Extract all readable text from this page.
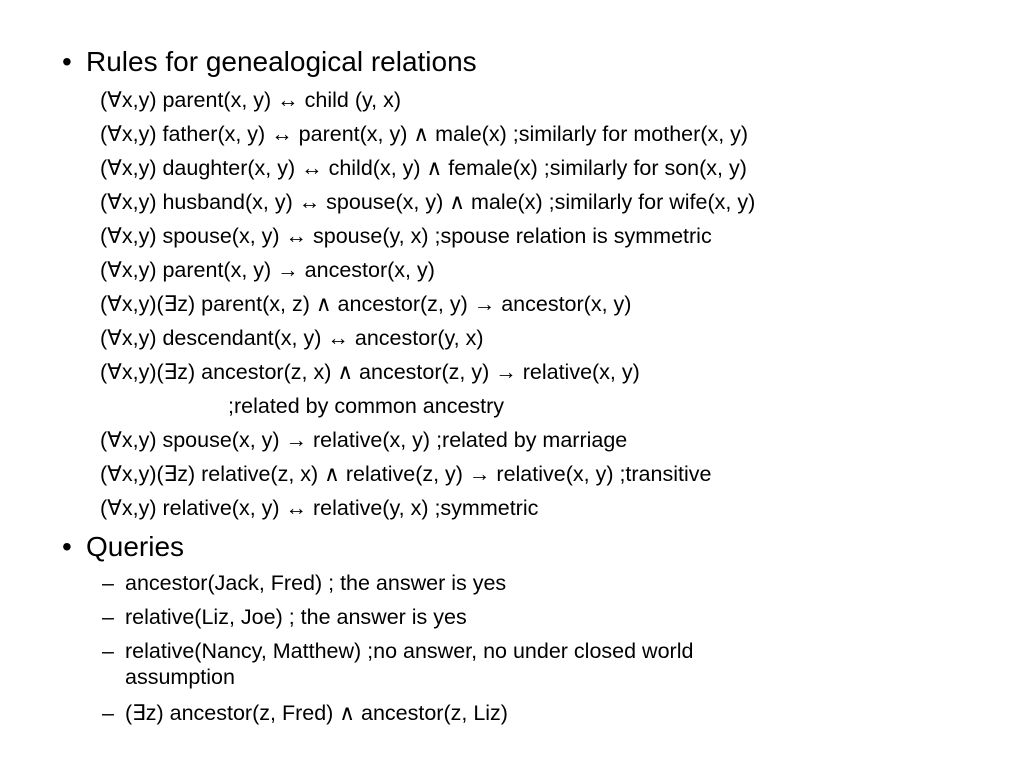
• Rules for genealogical relations
(∀x,y) parent(x, y) ↔ child (y, x)
(∀x,y) father(x, y) ↔ parent(x, y) ∧ male(x) ;similarly for mother(x, y)
(∀x,y) daughter(x, y) ↔ child(x, y) ∧ female(x) ;similarly for son(x, y)
(∀x,y) husband(x, y) ↔ spouse(x, y) ∧ male(x) ;similarly for wife(x, y)
(∀x,y) spouse(x, y) ↔ spouse(y, x) ;spouse relation is symmetric
(∀x,y) parent(x, y) → ancestor(x, y)
(∀x,y)(∃z) parent(x, z) ∧ ancestor(z, y) → ancestor(x, y)
(∀x,y) descendant(x, y) ↔ ancestor(y, x)
(∀x,y)(∃z) ancestor(z, x) ∧ ancestor(z, y) → relative(x, y)
;related by common ancestry
(∀x,y) spouse(x, y) → relative(x, y) ;related by marriage
(∀x,y)(∃z) relative(z, x) ∧ relative(z, y) → relative(x, y) ;transitive
(∀x,y) relative(x, y) ↔ relative(y, x) ;symmetric
• Queries
– ancestor(Jack, Fred) ; the answer is yes
– relative(Liz, Joe) ; the answer is yes
– relative(Nancy, Matthew) ;no answer, no under closed world
assumption
– (∃z) ancestor(z, Fred) ∧ ancestor(z, Liz)
